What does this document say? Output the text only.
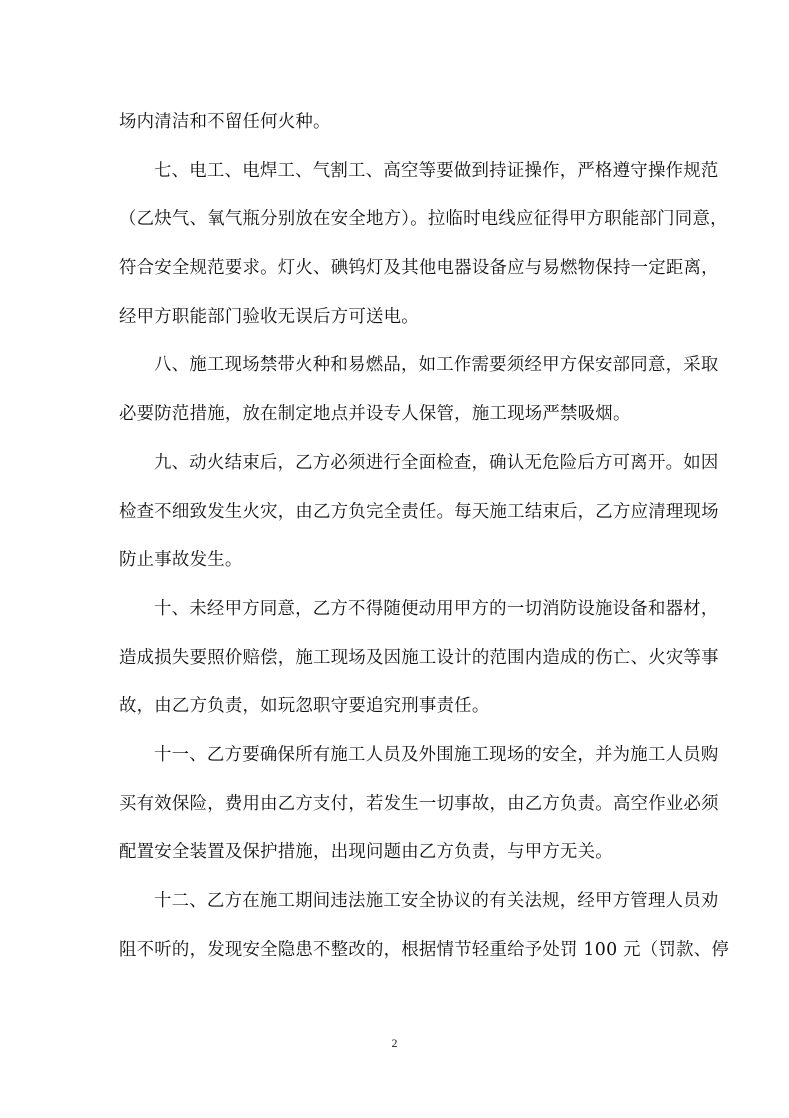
场内清洁和不留任何火种。
七、电工、电焊工、气割工、高空等要做到持证操作，严格遵守操作规范
（乙炔气、氧气瓶分别放在安全地方）。拉临时电线应征得甲方职能部门同意，
符合安全规范要求。灯火、碘钨灯及其他电器设备应与易燃物保持一定距离，
经甲方职能部门验收无误后方可送电。
八、施工现场禁带火种和易燃品，如工作需要须经甲方保安部同意，采取
必要防范措施，放在制定地点并设专人保管，施工现场严禁吸烟。
九、动火结束后，乙方必须进行全面检查，确认无危险后方可离开。如因
检查不细致发生火灾，由乙方负完全责任。每天施工结束后，乙方应清理现场
防止事故发生。
十、未经甲方同意，乙方不得随便动用甲方的一切消防设施设备和器材，
造成损失要照价赔偿，施工现场及因施工设计的范围内造成的伤亡、火灾等事
故，由乙方负责，如玩忽职守要追究刑事责任。
十一、乙方要确保所有施工人员及外围施工现场的安全，并为施工人员购
买有效保险，费用由乙方支付，若发生一切事故，由乙方负责。高空作业必须
配置安全装置及保护措施，出现问题由乙方负责，与甲方无关。
十二、乙方在施工期间违法施工安全协议的有关法规，经甲方管理人员劝
阻不听的，发现安全隐患不整改的，根据情节轻重给予处罚 100 元（罚款、停
2
